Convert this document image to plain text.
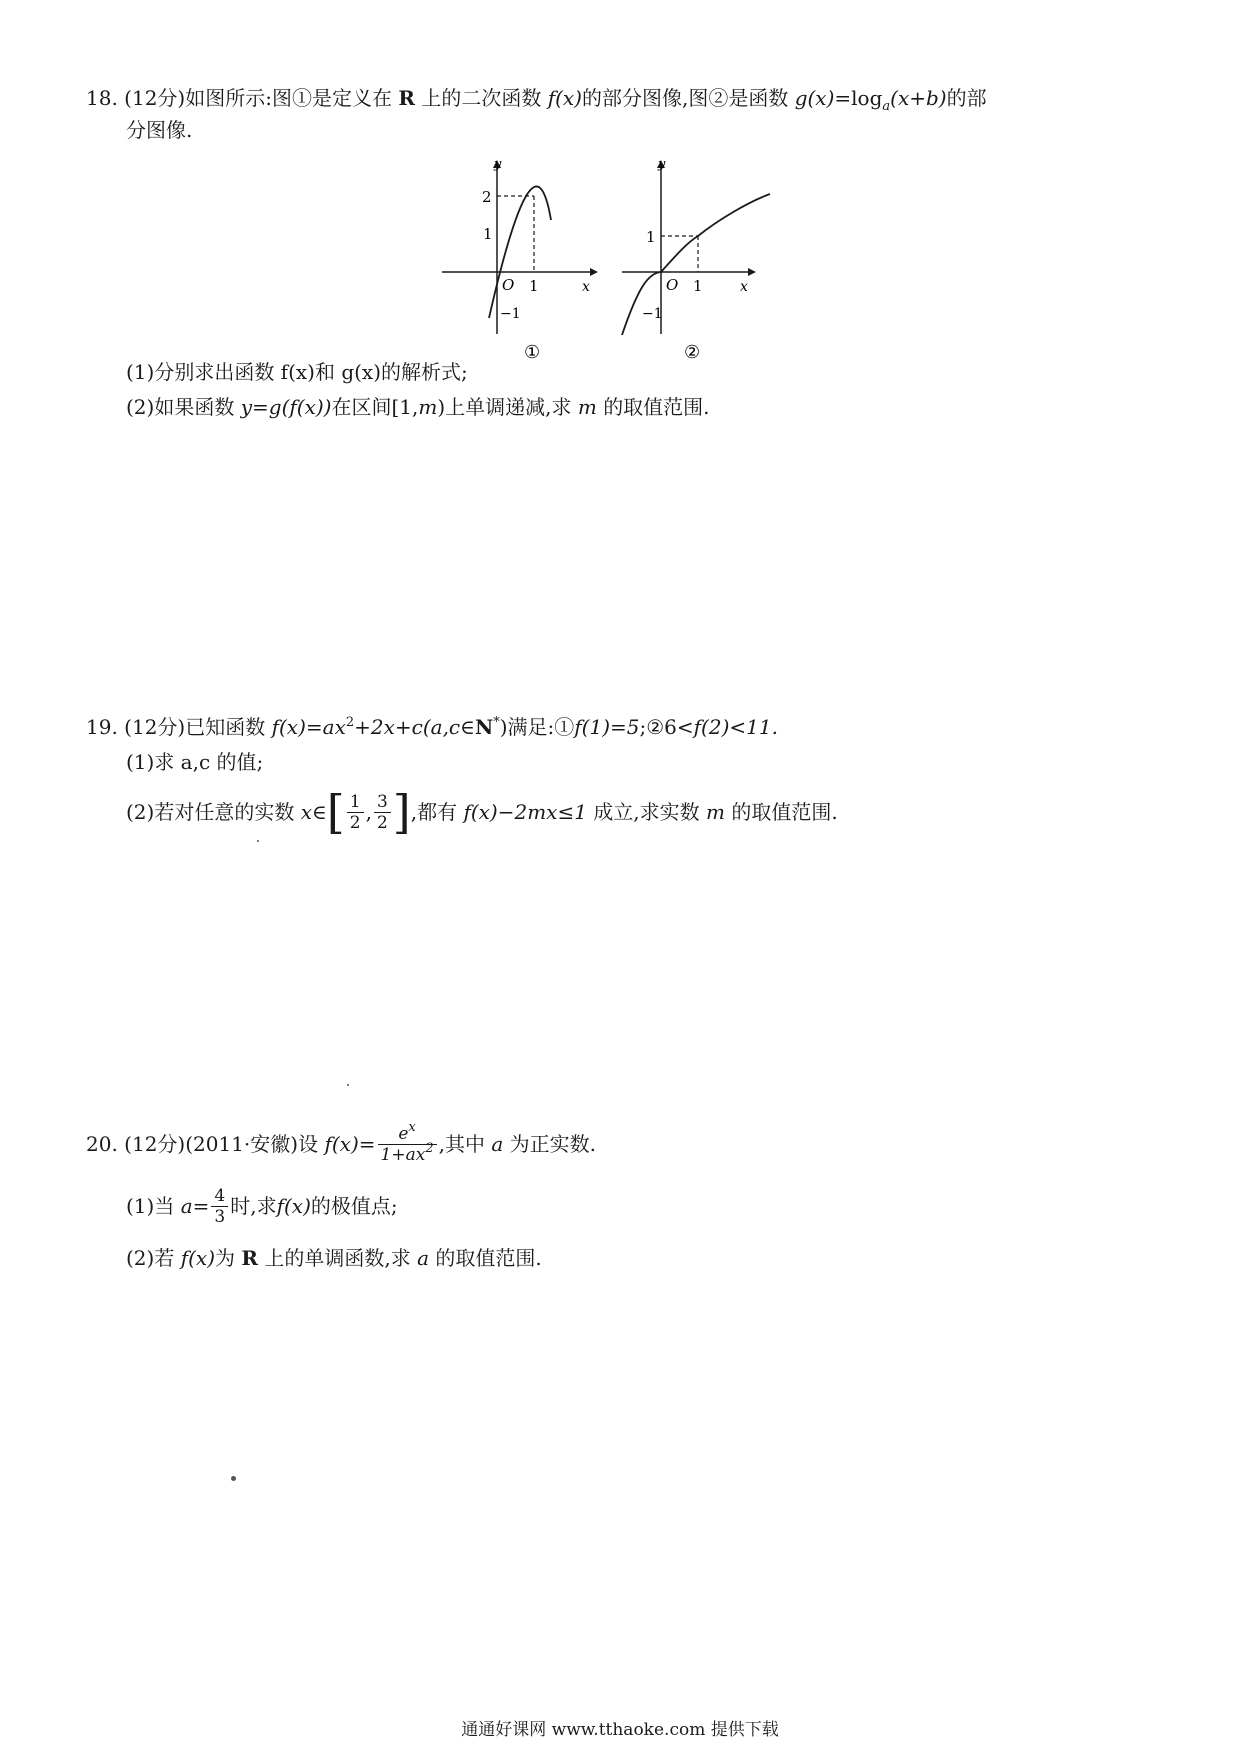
18. (12分)如图所示:图①是定义在 R 上的二次函数 f(x)的部分图像,图②是函数 $g(x)=\log_a(x+b)$的部
分图像.
y
x
O 1
2
1
−1
①
y
x
O 1
1
−1
②
(1)分别求出函数 f(x)和 g(x)的解析式;
(2)如果函数 y=g(f(x))在区间[1,m)上单调递减,求 m 的取值范围.
19. (12分)已知函数 $f(x)=ax^2+2x+c(a,c\in N^*)$满足:①f(1)=5;②6<f(2)<11.
(1)求 a,c 的值;
(2)若对任意的实数
x∈ [ $\frac{1}{2}$ , $\frac{3}{2}$ ] ,都有
f(x)−2mx≤1
成立,求实数
m
的取值范围.
20.
(12分) (2011·安徽) 设
$f(x)= \frac{e^x}{1+ax^2}$ ,其中
a
为正实数.
(1)当
$a= \frac{4}{3}$ 时,求 f(x) 的极值点;
(2)若 f(x)为 R 上的单调函数,求 a 的取值范围.
通通好课网 www.tthaoke.com 提供下载
